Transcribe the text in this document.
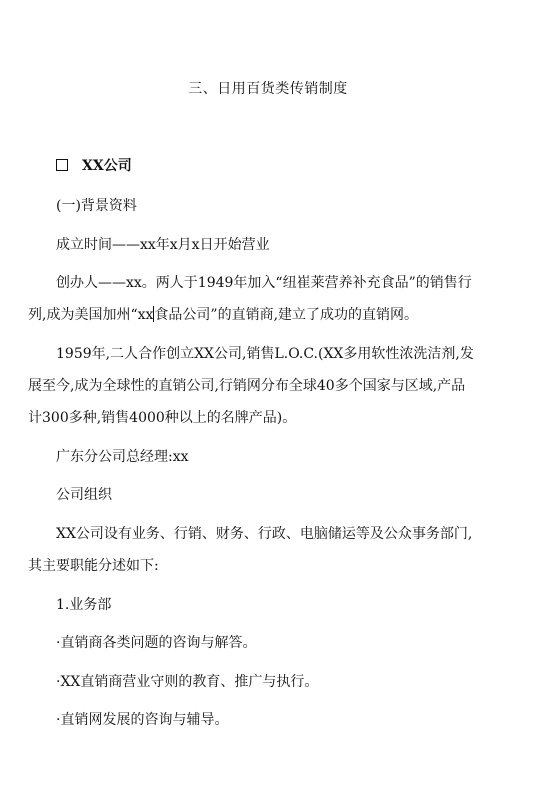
三、日用百货类传销制度
XX公司
(一)背景资料
成立时间——xx年x月x日开始营业
创办人——xx。两人于1949年加入“纽崔莱营养补充食品”的销售行
列,成为美国加州“xx食品公司”的直销商,建立了成功的直销网。
1959年,二人合作创立XX公司,销售L.O.C.(XX多用软性浓洗洁剂,发
展至今,成为全球性的直销公司,行销网分布全球40多个国家与区域,产品
计300多种,销售4000种以上的名牌产品)。
广东分公司总经理:xx
公司组织
XX公司设有业务、行销、财务、行政、电脑储运等及公众事务部门,
其主要职能分述如下:
1.业务部
·直销商各类问题的咨询与解答。
·XX直销商营业守则的教育、推广与执行。
·直销网发展的咨询与辅导。
